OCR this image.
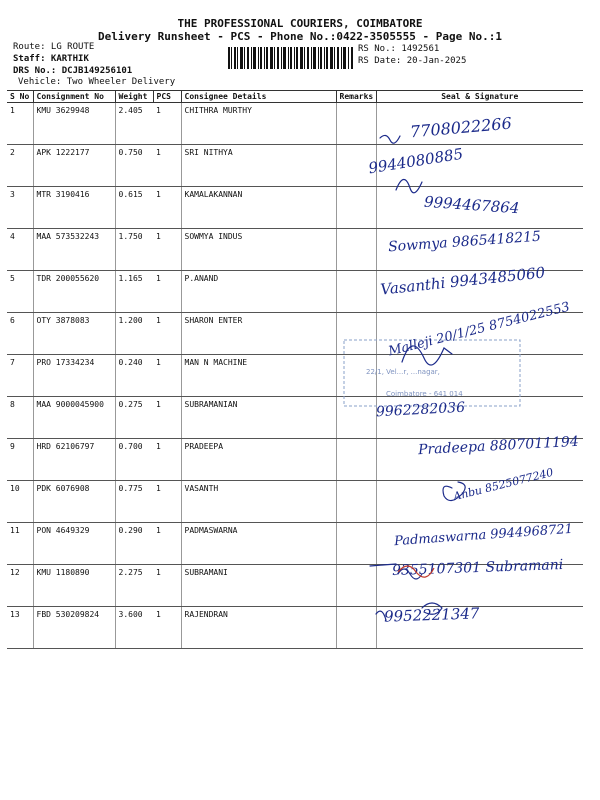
THE PROFESSIONAL COURIERS, COIMBATORE
Delivery Runsheet - PCS - Phone No.:0422-3505555 - Page No.:1
Route: LG ROUTE
Staff: KARTHIK
DRS No.: DCJB149256101
Vehicle: Two Wheeler Delivery
RS No.: 1492561
RS Date: 20-Jan-2025
S No	Consignment No	Weight	PCS	Consignee Details	Remarks	Seal & Signature
1	KMU 3629948	2.405	1	CHITHRA MURTHY		
2	APK 1222177	0.750	1	SRI NITHYA		
3	MTR 3190416	0.615	1	KAMALAKANNAN		
4	MAA 573532243	1.750	1	SOWMYA INDUS		
5	TDR 200055620	1.165	1	P.ANAND		
6	OTY 3878083	1.200	1	SHARON ENTER		
7	PRO 17334234	0.240	1	MAN N MACHINE		
8	MAA 9000045900	0.275	1	SUBRAMANIAN		
9	HRD 62106797	0.700	1	PRADEEPA		
10	PDK 6076908	0.775	1	VASANTH		
11	PON 4649329	0.290	1	PADMASWARNA		
12	KMU 1180890	2.275	1	SUBRAMANI		
13	FBD 530209824	3.600	1	RAJENDRAN		
22/1, Vel...r, ...nagar,
Coimbatore - 641 014
7708022266
9944080885
9994467864
Sowmya 9865418215
Vasanthi 9943485060
Malleji 20/1/25 8754022553
9962282036
Pradeepa 8807011194
Anbu 8525077240
Padmaswarna 9944968721
9355107301 Subramani
9952221347
